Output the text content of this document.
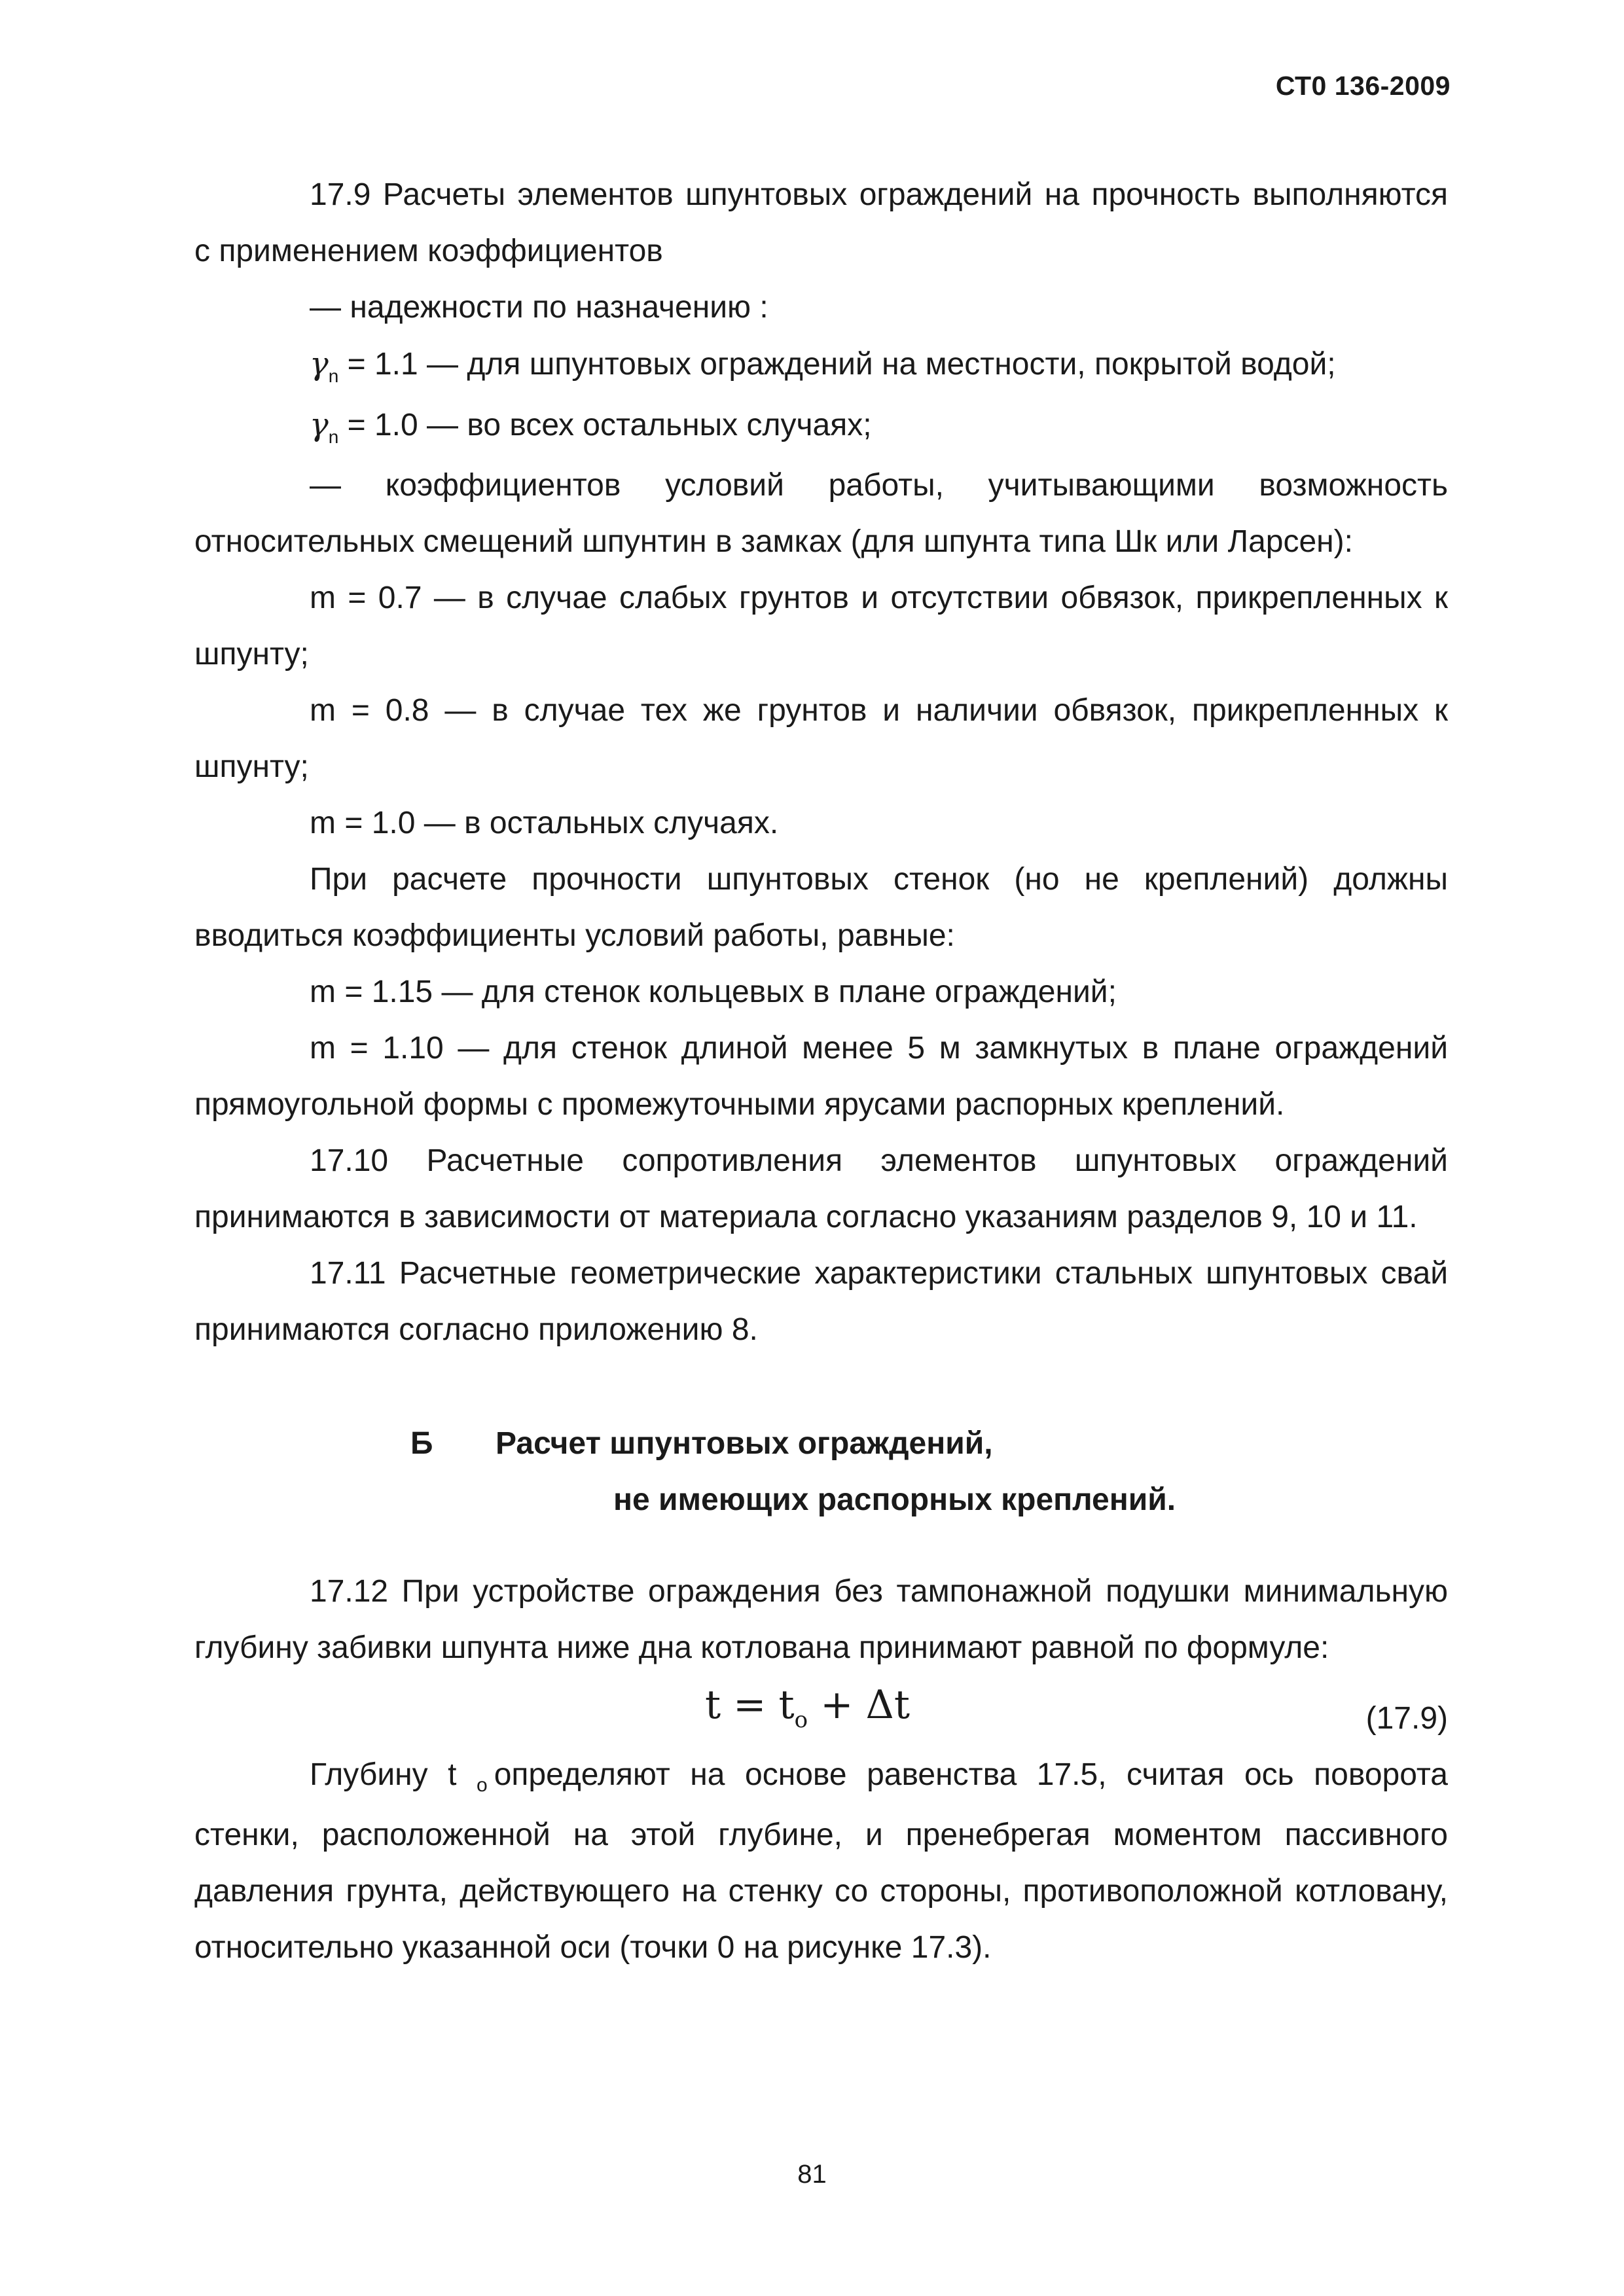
СТ0 136-2009

17.9 Расчеты элементов шпунтовых ограждений на прочность выполняются с применением коэффициентов

— надежности по назначению :

$\gamma_n = 1.1$ — для шпунтовых ограждений на местности, покрытой водой;

$\gamma_n = 1.0$ — во всех остальных случаях;

— коэффициентов условий работы, учитывающими возможность относительных смещений шпунтин в замках (для шпунта типа Шк или Ларсен):

m = 0.7 — в случае слабых грунтов и отсутствии обвязок, прикрепленных к шпунту;

m = 0.8 — в случае тех же грунтов и наличии обвязок, прикрепленных к шпунту;

m = 1.0 — в остальных случаях.

При расчете прочности шпунтовых стенок (но не креплений) должны вводиться коэффициенты условий работы, равные:

m = 1.15 — для стенок кольцевых в плане ограждений;

m = 1.10 — для стенок длиной менее 5 м замкнутых в плане ограждений прямоугольной формы с промежуточными ярусами распорных креплений.

17.10 Расчетные сопротивления элементов шпунтовых ограждений принимаются в зависимости от материала согласно указаниям разделов 9, 10 и 11.

17.11 Расчетные геометрические характеристики стальных шпунтовых свай принимаются согласно приложению 8.

Б Расчет шпунтовых ограждений,
не имеющих распорных креплений.

17.12 При устройстве ограждения без тампонажной подушки минимальную глубину забивки шпунта ниже дна котлована принимают равной по формуле:

$t = t_o + \Delta t$	(17.9)

Глубину t $_o$ определяют на основе равенства 17.5, считая ось поворота стенки, расположенной на этой глубине, и пренебрегая моментом пассивного давления грунта, действующего на стенку со стороны, противоположной котловану, относительно указанной оси (точки 0 на рисунке 17.3).

81
